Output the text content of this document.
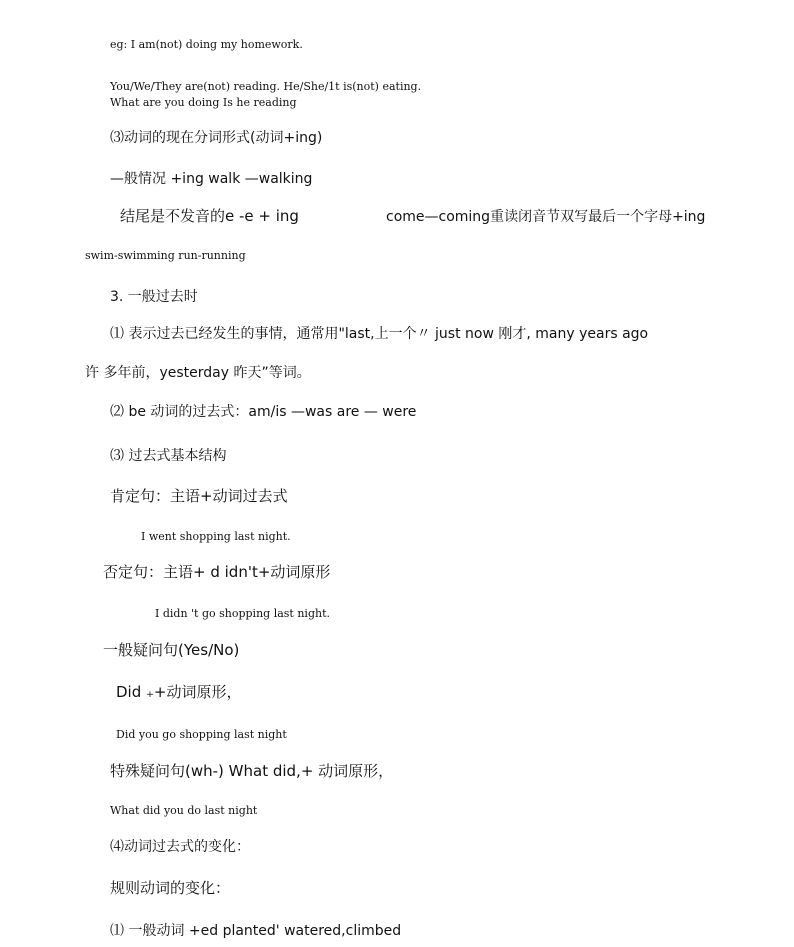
eg: I am(not) doing my homework.
You/We/They are(not) reading. He/She/1t is(not) eating.
What are you doing Is he reading
⑶动词的现在分词形式(动词+ing)
—般情况 +ing walk —walking
结尾是不发音的e -e + ing	come—coming重读闭音节双写最后一个字母+ing
swim-swimming run-running
3. 一般过去时
⑴ 表示过去已经发生的事情，通常用"last,上一个〃 just now 刚才, many years ago
许 多年前，yesterday 昨天”等词。
⑵ be 动词的过去式：am/is —was are — were
⑶ 过去式基本结构
肯定句：主语+动词过去式
I went shopping last night.
否定句：主语+ d idn't+动词原形
I didn 't go shopping last night.
一般疑问句(Yes/No)
Did ₊+动词原形，
Did you go shopping last night
特殊疑问句(wh-) What did,+ 动词原形，
What did you do last night
⑷动词过去式的变化：
规则动词的变化：
⑴ 一般动词 +ed planted' watered,climbed
